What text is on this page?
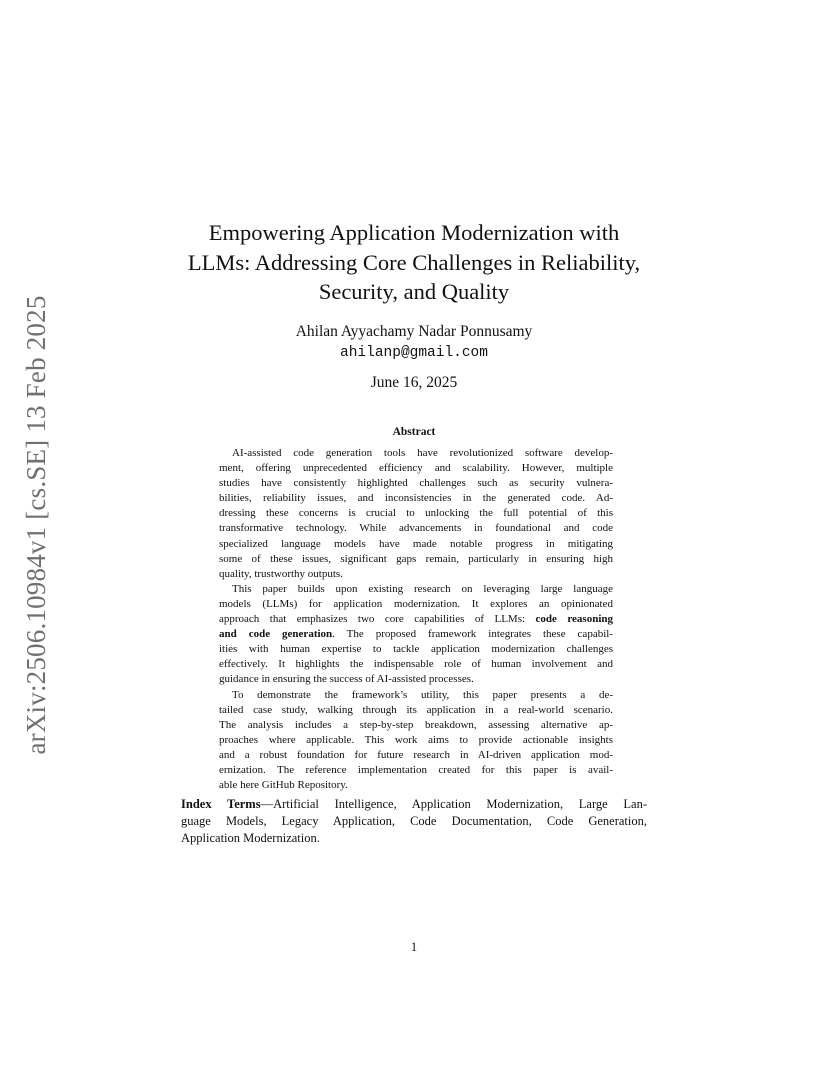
arXiv:2506.10984v1 [cs.SE] 13 Feb 2025
Empowering Application Modernization with
LLMs: Addressing Core Challenges in Reliability,
Security, and Quality
Ahilan Ayyachamy Nadar Ponnusamy
ahilanp@gmail.com
June 16, 2025
Abstract
AI-assisted code generation tools have revolutionized software develop-
ment, offering unprecedented efficiency and scalability. However, multiple
studies have consistently highlighted challenges such as security vulnera-
bilities, reliability issues, and inconsistencies in the generated code. Ad-
dressing these concerns is crucial to unlocking the full potential of this
transformative technology. While advancements in foundational and code
specialized language models have made notable progress in mitigating
some of these issues, significant gaps remain, particularly in ensuring high
quality, trustworthy outputs.
This paper builds upon existing research on leveraging large language
models (LLMs) for application modernization. It explores an opinionated
approach that emphasizes two core capabilities of LLMs: code reasoning
and code generation. The proposed framework integrates these capabil-
ities with human expertise to tackle application modernization challenges
effectively. It highlights the indispensable role of human involvement and
guidance in ensuring the success of AI-assisted processes.
To demonstrate the framework’s utility, this paper presents a de-
tailed case study, walking through its application in a real-world scenario.
The analysis includes a step-by-step breakdown, assessing alternative ap-
proaches where applicable. This work aims to provide actionable insights
and a robust foundation for future research in AI-driven application mod-
ernization. The reference implementation created for this paper is avail-
able here GitHub Repository.
Index Terms—Artificial Intelligence, Application Modernization, Large Lan-
guage Models, Legacy Application, Code Documentation, Code Generation,
Application Modernization.
1
